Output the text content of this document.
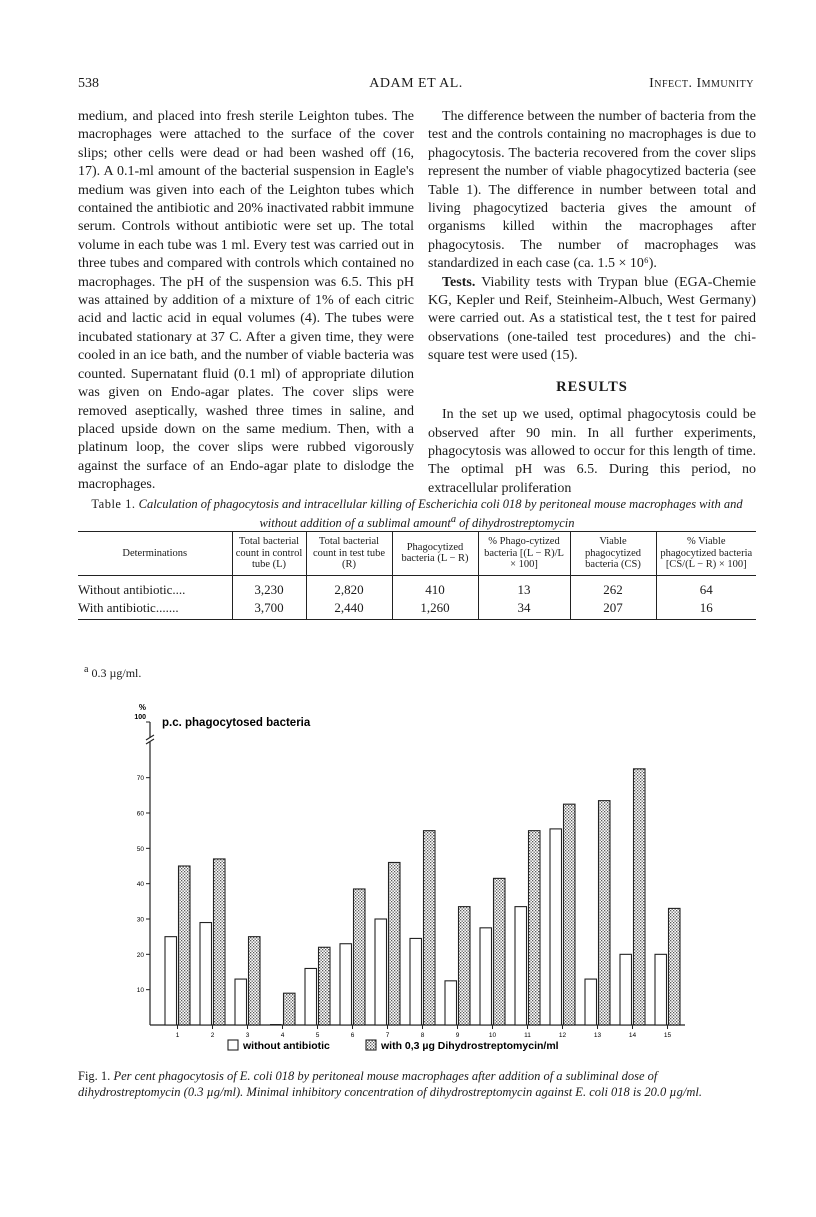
538	ADAM ET AL.	Infect. Immunity

medium, and placed into fresh sterile Leighton tubes. The macrophages were attached to the surface of the cover slips; other cells were dead or had been washed off (16, 17). A 0.1-ml amount of the bacterial suspension in Eagle's medium was given into each of the Leighton tubes which contained the antibiotic and 20% inactivated rabbit immune serum. Controls without antibiotic were set up. The total volume in each tube was 1 ml. Every test was carried out in three tubes and compared with controls which contained no macrophages. The pH of the suspension was 6.5. This pH was attained by addition of a mixture of 1% of each citric acid and lactic acid in equal volumes (4). The tubes were incubated stationary at 37 C. After a given time, they were cooled in an ice bath, and the number of viable bacteria was counted. Supernatant fluid (0.1 ml) of appropriate dilution was given on Endo-agar plates. The cover slips were removed aseptically, washed three times in saline, and placed upside down on the same medium. Then, with a platinum loop, the cover slips were rubbed vigorously against the surface of an Endo-agar plate to dislodge the macrophages.

The difference between the number of bacteria from the test and the controls containing no macrophages is due to phagocytosis. The bacteria recovered from the cover slips represent the number of viable phagocytized bacteria (see Table 1). The difference in number between total and living phagocytized bacteria gives the amount of organisms killed within the macrophages after phagocytosis. The number of macrophages was standardized in each case (ca. 1.5 × 10⁶).

Tests. Viability tests with Trypan blue (EGA-Chemie KG, Kepler und Reif, Steinheim-Albuch, West Germany) were carried out. As a statistical test, the t test for paired observations (one-tailed test procedures) and the chi-square test were used (15).

RESULTS

In the set up we used, optimal phagocytosis could be observed after 90 min. In all further experiments, phagocytosis was allowed to occur for this length of time. The optimal pH was 6.5. During this period, no extracellular proliferation

Table 1. Calculation of phagocytosis and intracellular killing of Escherichia coli 018 by peritoneal mouse macrophages with and without addition of a sublimal amount$^a$ of dihydrostreptomycin
Determinations	Total bacterial count in control tube (L)	Total bacterial count in test tube (R)	Phagocytized bacteria (L − R)	% Phago-cytized bacteria [(L − R)/L × 100]	Viable phagocytized bacteria (CS)	% Viable phagocytized bacteria [CS/(L − R) × 100]
Without antibiotic....	3,230	2,820	410	13	262	64
With antibiotic.......	3,700	2,440	1,260	34	207	16
$^a$ 0.3 µg/ml.
%
100 p.c. phagocytosed bacteria
10
20
30
40
50
60
70
1	2	3	4	5	6	7	8	9	10	11	12	13	14	15
without antibiotic	with 0,3 µg Dihydrostreptomycin/ml
Fig. 1. Per cent phagocytosis of E. coli 018 by peritoneal mouse macrophages after addition of a subliminal dose of dihydrostreptomycin (0.3 µg/ml). Minimal inhibitory concentration of dihydrostreptomycin against E. coli 018 is 20.0 µg/ml.
